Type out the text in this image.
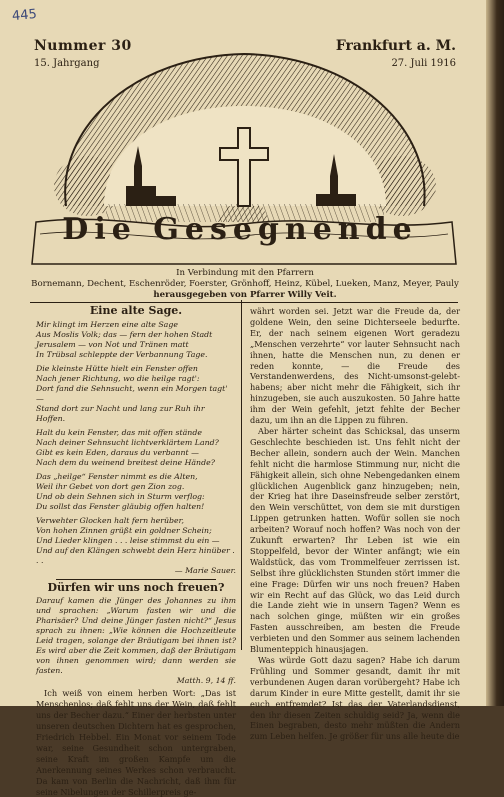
445
Nummer 30	Frankfurt a. M.
15. Jahrgang	27. Juli 1916
Die Gesegnende
In Verbindung mit den Pfarrern
Bornemann, Dechent, Eschenröder, Foerster, Grönhoff, Heinz, Kübel, Lueken, Manz, Meyer, Pauly
herausgegeben von Pfarrer Willy Veit.

Eine alte Sage.

Mir klingt im Herzen eine alte Sage
Aus Moslis Volk; das — fern der hohen Stadt
Jerusalem — von Not und Tränen matt
In Trübsal schleppte der Verbannung Tage.

Die kleinste Hütte hielt ein Fenster offen
Nach jener Richtung, wo die heilge ragt':
Dort fand die Sehnsucht, wenn ein Morgen tagt' —
Stand dort zur Nacht und lang zur Ruh ihr Hoffen.

Halt du kein Fenster, das mit offen stände
Nach deiner Sehnsucht lichtverklärtem Land?
Gibt es kein Eden, daraus du verbannt —
Nach dem du weinend breitest deine Hände?

Das „heilge“ Fenster nimmt es die Alten,
Weil ihr Gebet von dort gen Zion zog.
Und ob dein Sehnen sich in Sturm verflog:
Du sollst das Fenster gläubig offen halten!

Verwehter Glocken halt fern herüber,
Von hohen Zinnen grüßt ein goldner Schein;
Und Lieder klingen . . . leise stimmst du ein —
Und auf den Klängen schwebt dein Herz hinüber . . .

— Marie Sauer.

Dürfen wir uns noch freuen?

Darauf kamen die Jünger des Johannes zu ihm und sprachen: „Warum fasten wir und die Pharisäer? Und deine Jünger fasten nicht?“ Jesus sprach zu ihnen: „Wie können die Hochzeitleute Leid tragen, solange der Bräutigam bei ihnen ist? Es wird aber die Zeit kommen, daß der Bräutigam von ihnen genommen wird; dann werden sie fasten.

Matth. 9, 14 ff.

Ich weiß von einem herben Wort: „Das ist Menschenlos; daß fehlt uns der Wein, daß fehlt uns der Becher dazu.“ Einer der herbsten unter unseren deutschen Dichtern hat es gesprochen, Friedrich Hebbel. Ein Monat vor seinem Tode war, seine Gesundheit schon untergraben, seine Kraft im großen Kampfe um die Anerkennung seines Werkes schon verbraucht. Da kam von Berlin die Nachricht, daß ihm für seine Nibelungen der Schillerpreis ge-

währt worden sei. Jetzt war die Freude da, der goldene Wein, den seine Dichterseele bedurfte. Er, der nach seinem eigenen Wort geradezu „Menschen verzehrte“ vor lauter Sehnsucht nach ihnen, hatte die Menschen nun, zu denen er reden konnte, — die Freude des Verstandenwerdens, des Nicht-umsonst-gelebt-habens; aber nicht mehr die Fähigkeit, sich ihr hinzugeben, sie auch auszukosten. 50 Jahre hatte ihm der Wein gefehlt, jetzt fehlte der Becher dazu, um ihn an die Lippen zu führen.

Aber härter scheint das Schicksal, das unserm Geschlechte beschieden ist. Uns fehlt nicht der Becher allein, sondern auch der Wein. Manchen fehlt nicht die harmlose Stimmung nur, nicht die Fähigkeit allein, sich ohne Nebengedanken einem glücklichen Augenblick ganz hinzugeben; nein, der Krieg hat ihre Daseinsfreude selber zerstört, den Wein verschüttet, von dem sie mit durstigen Lippen getrunken hatten. Wofür sollen sie noch arbeiten? Worauf noch hoffen? Was noch von der Zukunft erwarten? Ihr Leben ist wie ein Stoppelfeld, bevor der Winter anfängt; wie ein Waldstück, das vom Trommelfeuer zerrissen ist. Selbst ihre glücklichsten Stunden stört immer die eine Frage: Dürfen wir uns noch freuen? Haben wir ein Recht auf das Glück, wo das Leid durch die Lande zieht wie in unsern Tagen? Wenn es nach solchen ginge, müßten wir ein großes Fasten ausschreiben, am besten die Freude verbieten und den Sommer aus seinem lachenden Blumenteppich hinausjagen.

Was würde Gott dazu sagen? Habe ich darum Frühling und Sommer gesandt, damit ihr mit verbundenen Augen daran vorübergeht? Habe ich darum Kinder in eure Mitte gestellt, damit ihr sie euch entfremdet? Ist das der Vaterlandsdienst, den ihr diesen Zeiten schuldig seid? Ja, wenn die Einen begraben, desto mehr müßten die Andern zum Leben helfen. Je größer für uns alle heute die
